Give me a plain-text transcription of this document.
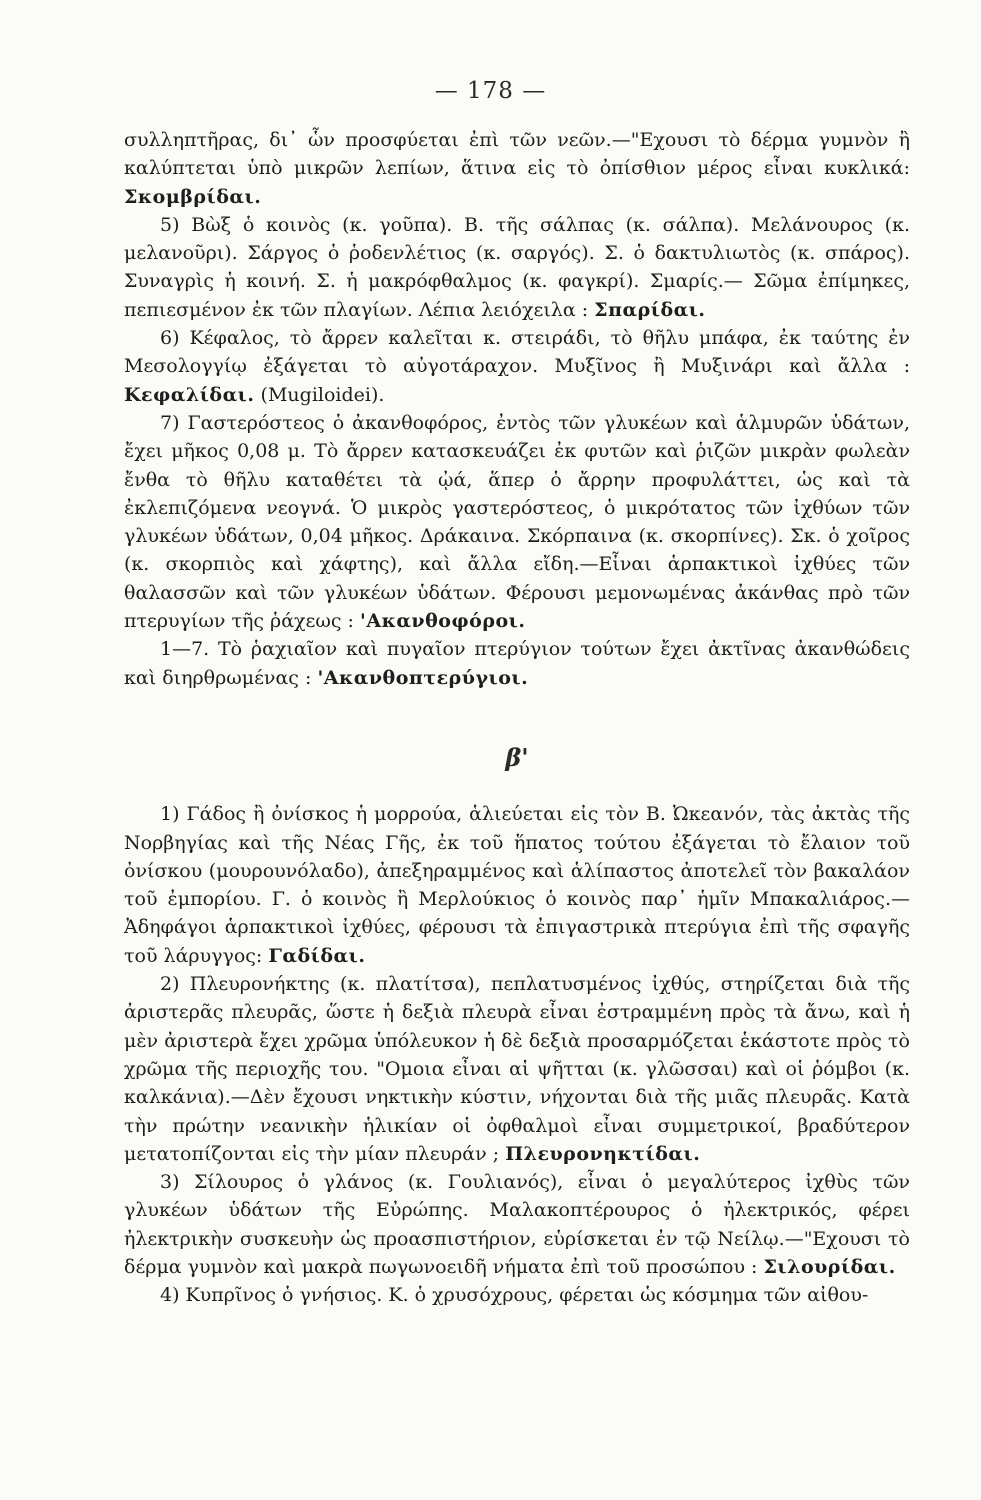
— 178 —

συλληπτῆρας, δι᾽ ὧν προσφύεται ἐπὶ τῶν νεῶν.—"Εχουσι τὸ δέρμα γυμνὸν ἢ καλύπτεται ὑπὸ μικρῶν λεπίων, ἅτινα εἰς τὸ ὀπίσθιον μέρος εἶναι κυκλικά: Σκομβρίδαι.

5) Βὼξ ὁ κοινὸς (κ. γοῦπα). Β. τῆς σάλπας (κ. σάλπα). Μελάνουρος (κ. μελανοῦρι). Σάργος ὁ ῥοδενλέτιος (κ. σαργός). Σ. ὁ δακτυλιωτὸς (κ. σπάρος). Συναγρὶς ἡ κοινή. Σ. ἡ μακρόφθαλμος (κ. φαγκρί). Σμαρίς.— Σῶμα ἐπίμηκες, πεπιεσμένον ἐκ τῶν πλαγίων. Λέπια λειόχειλα : Σπαρίδαι.

6) Κέφαλος, τὸ ἄρρεν καλεῖται κ. στειράδι, τὸ θῆλυ μπάφα, ἐκ ταύτης ἐν Μεσολογγίῳ ἐξάγεται τὸ αὐγοτάραχον. Μυξῖνος ἢ Μυξινάρι καὶ ἄλλα : Κεφαλίδαι. (Mugiloidei).

7) Γαστερόστεος ὁ ἀκανθοφόρος, ἐντὸς τῶν γλυκέων καὶ ἁλμυρῶν ὑδάτων, ἔχει μῆκος 0,08 μ. Τὸ ἄρρεν κατασκευάζει ἐκ φυτῶν καὶ ῥιζῶν μικρὰν φωλεὰν ἔνθα τὸ θῆλυ καταθέτει τὰ ᾠά, ἅπερ ὁ ἄρρην προφυλάττει, ὡς καὶ τὰ ἐκλεπιζόμενα νεογνά. Ὁ μικρὸς γαστερόστεος, ὁ μικρότατος τῶν ἰχθύων τῶν γλυκέων ὑδάτων, 0,04 μῆκος. Δράκαινα. Σκόρπαινα (κ. σκορπίνες). Σκ. ὁ χοῖρος (κ. σκορπιὸς καὶ χάφτης), καὶ ἄλλα εἴδη.—Εἶναι ἁρπακτικοὶ ἰχθύες τῶν θαλασσῶν καὶ τῶν γλυκέων ὑδάτων. Φέρουσι μεμονωμένας ἀκάνθας πρὸ τῶν πτερυγίων τῆς ῥάχεως : 'Ακανθοφόροι.

1—7. Τὸ ῥαχιαῖον καὶ πυγαῖον πτερύγιον τούτων ἔχει ἀκτῖνας ἀκανθώδεις καὶ διηρθρωμένας : 'Ακανθοπτερύγιοι.

β'

1) Γάδος ἢ ὀνίσκος ἡ μορρούα, ἁλιεύεται εἰς τὸν Β. Ὠκεανόν, τὰς ἀκτὰς τῆς Νορβηγίας καὶ τῆς Νέας Γῆς, ἐκ τοῦ ἥπατος τούτου ἐξάγεται τὸ ἔλαιον τοῦ ὀνίσκου (μουρουνόλαδο), ἀπεξηραμμένος καὶ ἁλίπαστος ἀποτελεῖ τὸν βακαλάον τοῦ ἐμπορίου. Γ. ὁ κοινὸς ἢ Μερλούκιος ὁ κοινὸς παρ᾽ ἡμῖν Μπακαλιάρος.—Ἀδηφάγοι ἁρπακτικοὶ ἰχθύες, φέρουσι τὰ ἐπιγαστρικὰ πτερύγια ἐπὶ τῆς σφαγῆς τοῦ λάρυγγος: Γαδίδαι.

2) Πλευρονήκτης (κ. πλατίτσα), πεπλατυσμένος ἰχθύς, στηρίζεται διὰ τῆς ἀριστερᾶς πλευρᾶς, ὥστε ἡ δεξιὰ πλευρὰ εἶναι ἐστραμμένη πρὸς τὰ ἄνω, καὶ ἡ μὲν ἀριστερὰ ἔχει χρῶμα ὑπόλευκον ἡ δὲ δεξιὰ προσαρμόζεται ἑκάστοτε πρὸς τὸ χρῶμα τῆς περιοχῆς του. "Ομοια εἶναι αἱ ψῆτται (κ. γλῶσσαι) καὶ οἱ ῥόμβοι (κ. καλκάνια).—Δὲν ἔχουσι νηκτικὴν κύστιν, νήχονται διὰ τῆς μιᾶς πλευρᾶς. Κατὰ τὴν πρώτην νεανικὴν ἡλικίαν οἱ ὀφθαλμοὶ εἶναι συμμετρικοί, βραδύτερον μετατοπίζονται εἰς τὴν μίαν πλευράν ; Πλευρονηκτίδαι.

3) Σίλουρος ὁ γλάνος (κ. Γουλιανός), εἶναι ὁ μεγαλύτερος ἰχθὺς τῶν γλυκέων ὑδάτων τῆς Εὐρώπης. Μαλακοπτέρουρος ὁ ἠλεκτρικός, φέρει ἠλεκτρικὴν συσκευὴν ὡς προασπιστήριον, εὑρίσκεται ἐν τῷ Νείλῳ.—"Εχουσι τὸ δέρμα γυμνὸν καὶ μακρὰ πωγωνοειδῆ νήματα ἐπὶ τοῦ προσώπου : Σιλουρίδαι.

4) Κυπρῖνος ὁ γνήσιος. Κ. ὁ χρυσόχρους, φέρεται ὡς κόσμημα τῶν αἰθου-
